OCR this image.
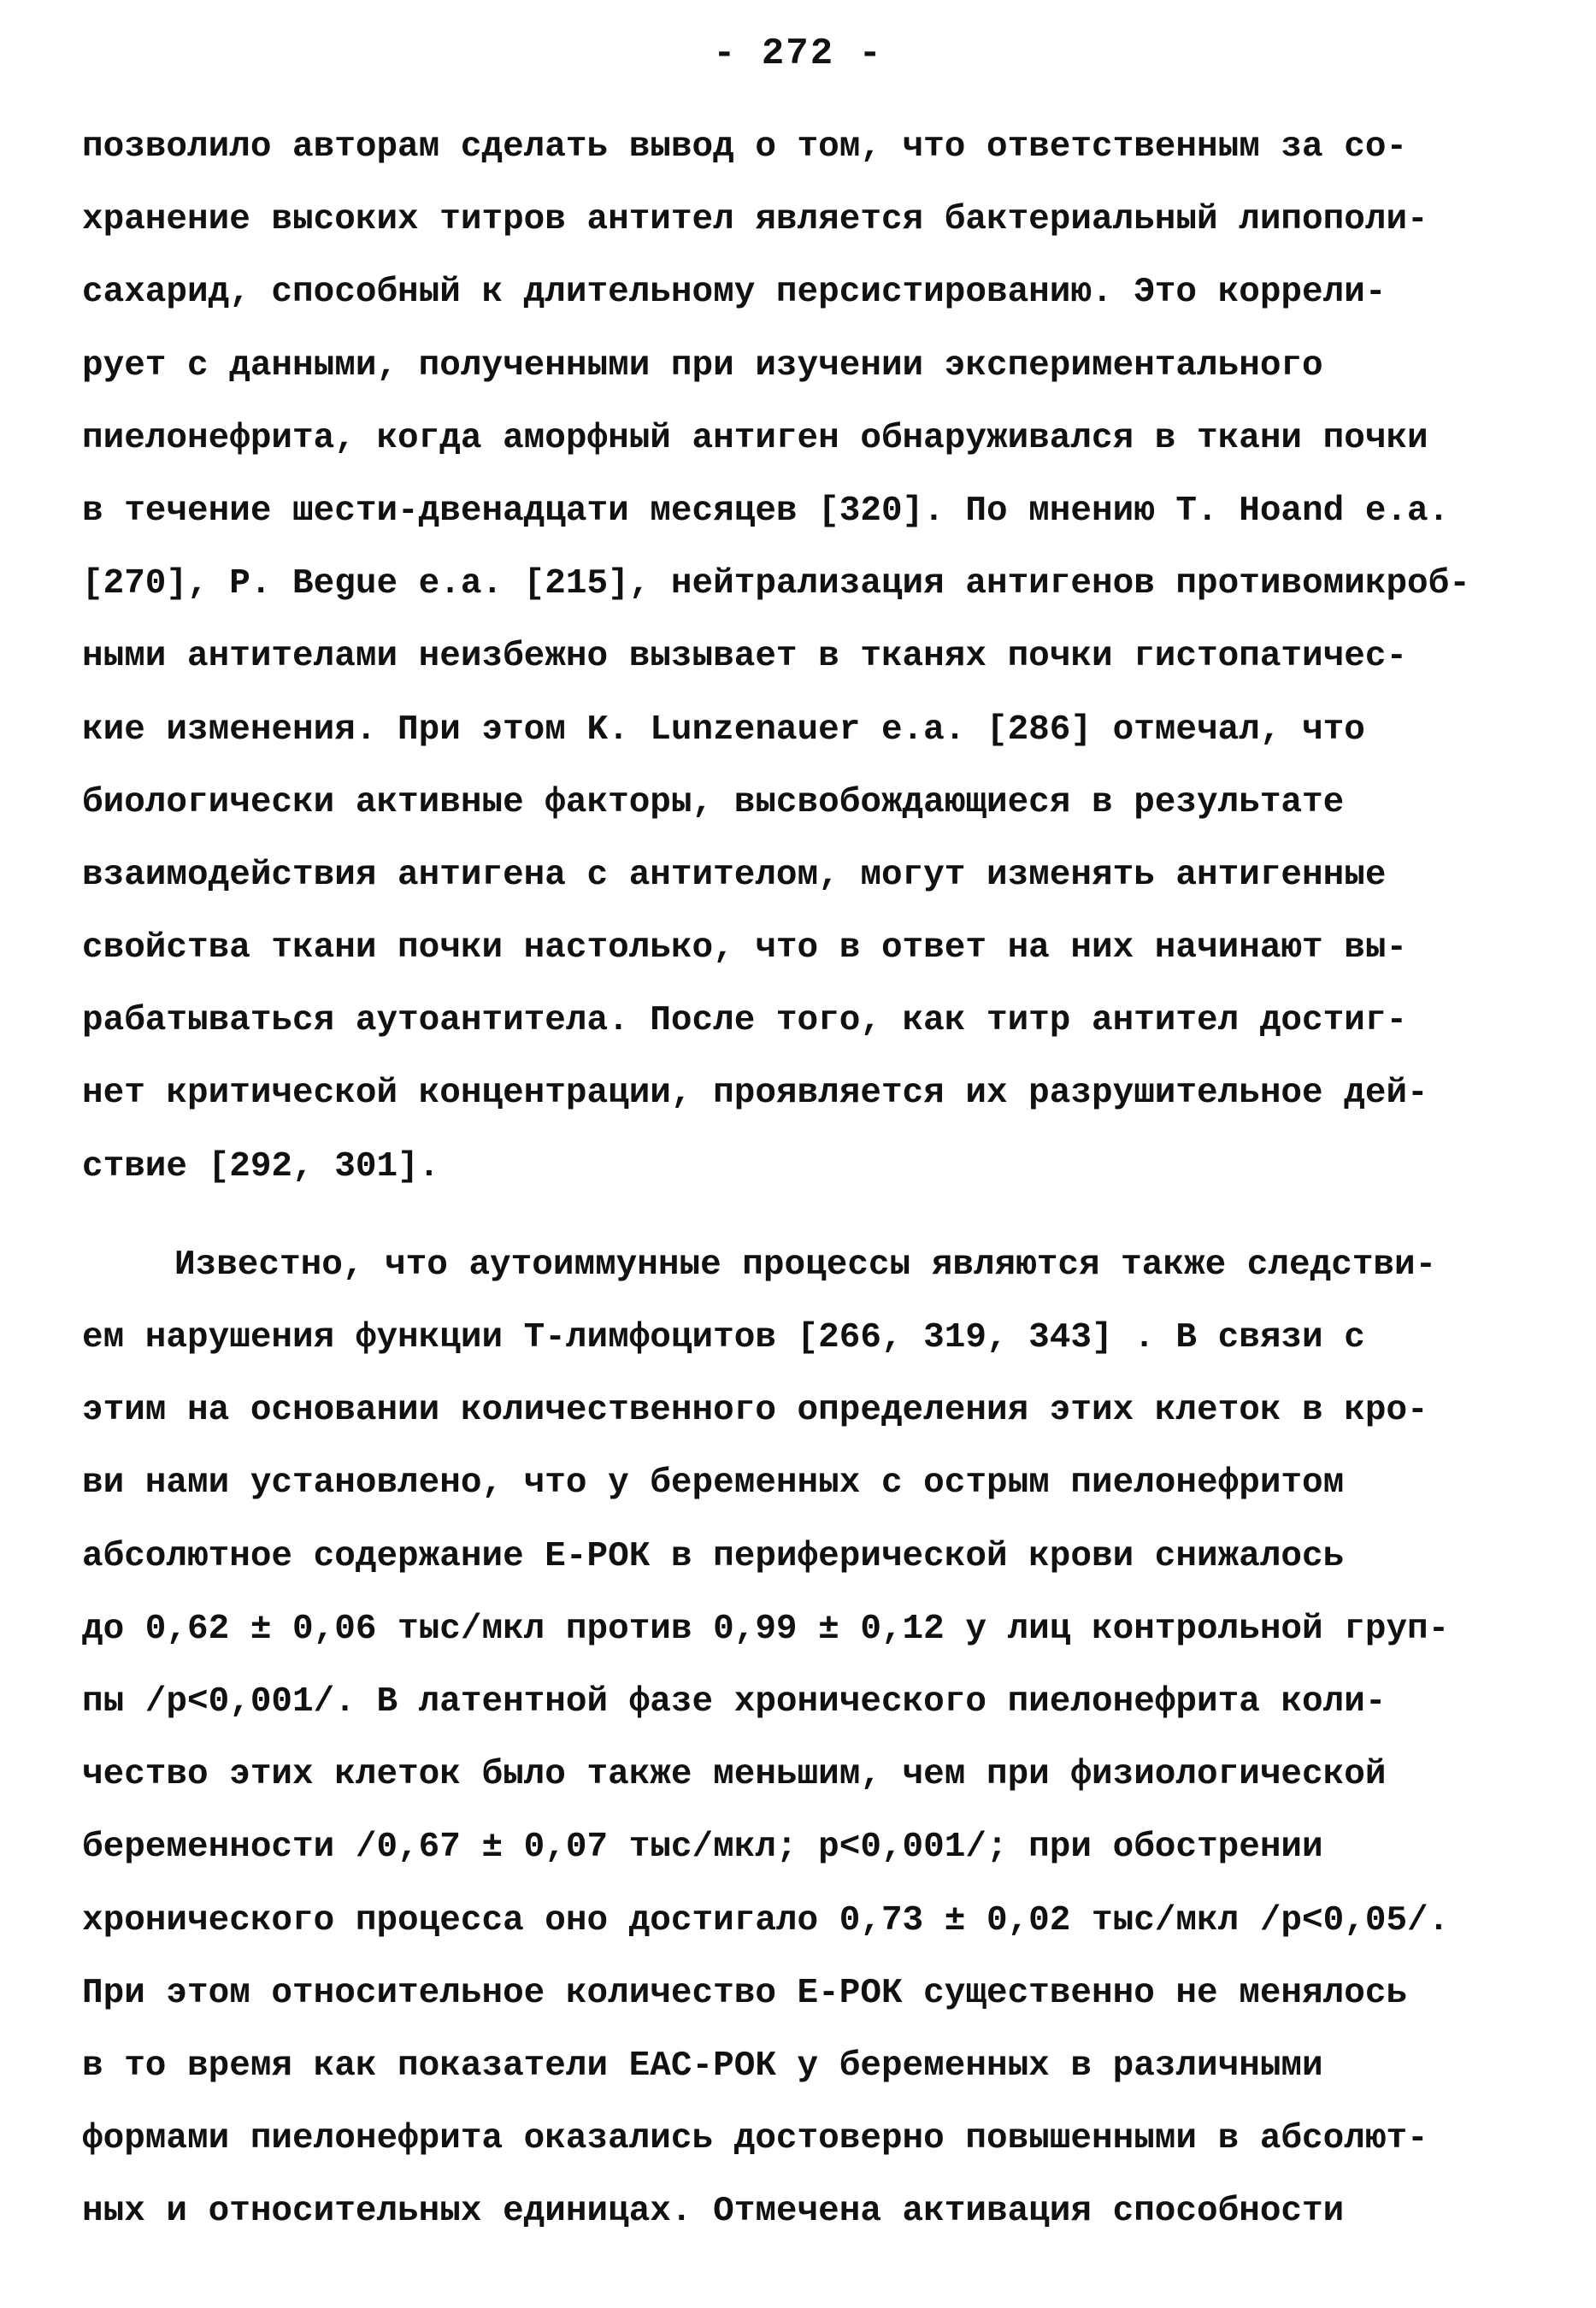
- 272 -
позволило авторам сделать вывод о том, что ответственным за со-
хранение высоких титров антител является бактериальный липополи-
сахарид, способный к длительному персистированию. Это коррели-
рует с данными, полученными при изучении экспериментального
пиелонефрита, когда аморфный антиген обнаруживался в ткани почки
в течение шести-двенадцати месяцев [320]. По мнению T. Hoand e.a.
[270], P. Begue e.a. [215], нейтрализация антигенов противомикроб-
ными антителами неизбежно вызывает в тканях почки гистопатичес-
кие изменения. При этом K. Lunzenauer e.a. [286] отмечал, что
биологически активные факторы, высвобождающиеся в результате
взаимодействия антигена с антителом, могут изменять антигенные
свойства ткани почки настолько, что в ответ на них начинают вы-
рабатываться аутоантитела. После того, как титр антител достиг-
нет критической концентрации, проявляется их разрушительное дей-
ствие [292, 301].
Известно, что аутоиммунные процессы являются также следстви-
ем нарушения функции Т-лимфоцитов [266, 319, 343] . В связи с
этим на основании количественного определения этих клеток в кро-
ви нами установлено, что у беременных с острым пиелонефритом
абсолютное содержание Е-РОК в периферической крови снижалось
до 0,62 ± 0,06 тыс/мкл против 0,99 ± 0,12 у лиц контрольной груп-
пы /p<0,001/. В латентной фазе хронического пиелонефрита коли-
чество этих клеток было также меньшим, чем при физиологической
беременности /0,67 ± 0,07 тыс/мкл; p<0,001/; при обострении
хронического процесса оно достигало 0,73 ± 0,02 тыс/мкл /p<0,05/.
При этом относительное количество Е-РОК существенно не менялось
в то время как показатели ЕАС-РОК у беременных в различными
формами пиелонефрита оказались достоверно повышенными в абсолют-
ных и относительных единицах. Отмечена активация способности
